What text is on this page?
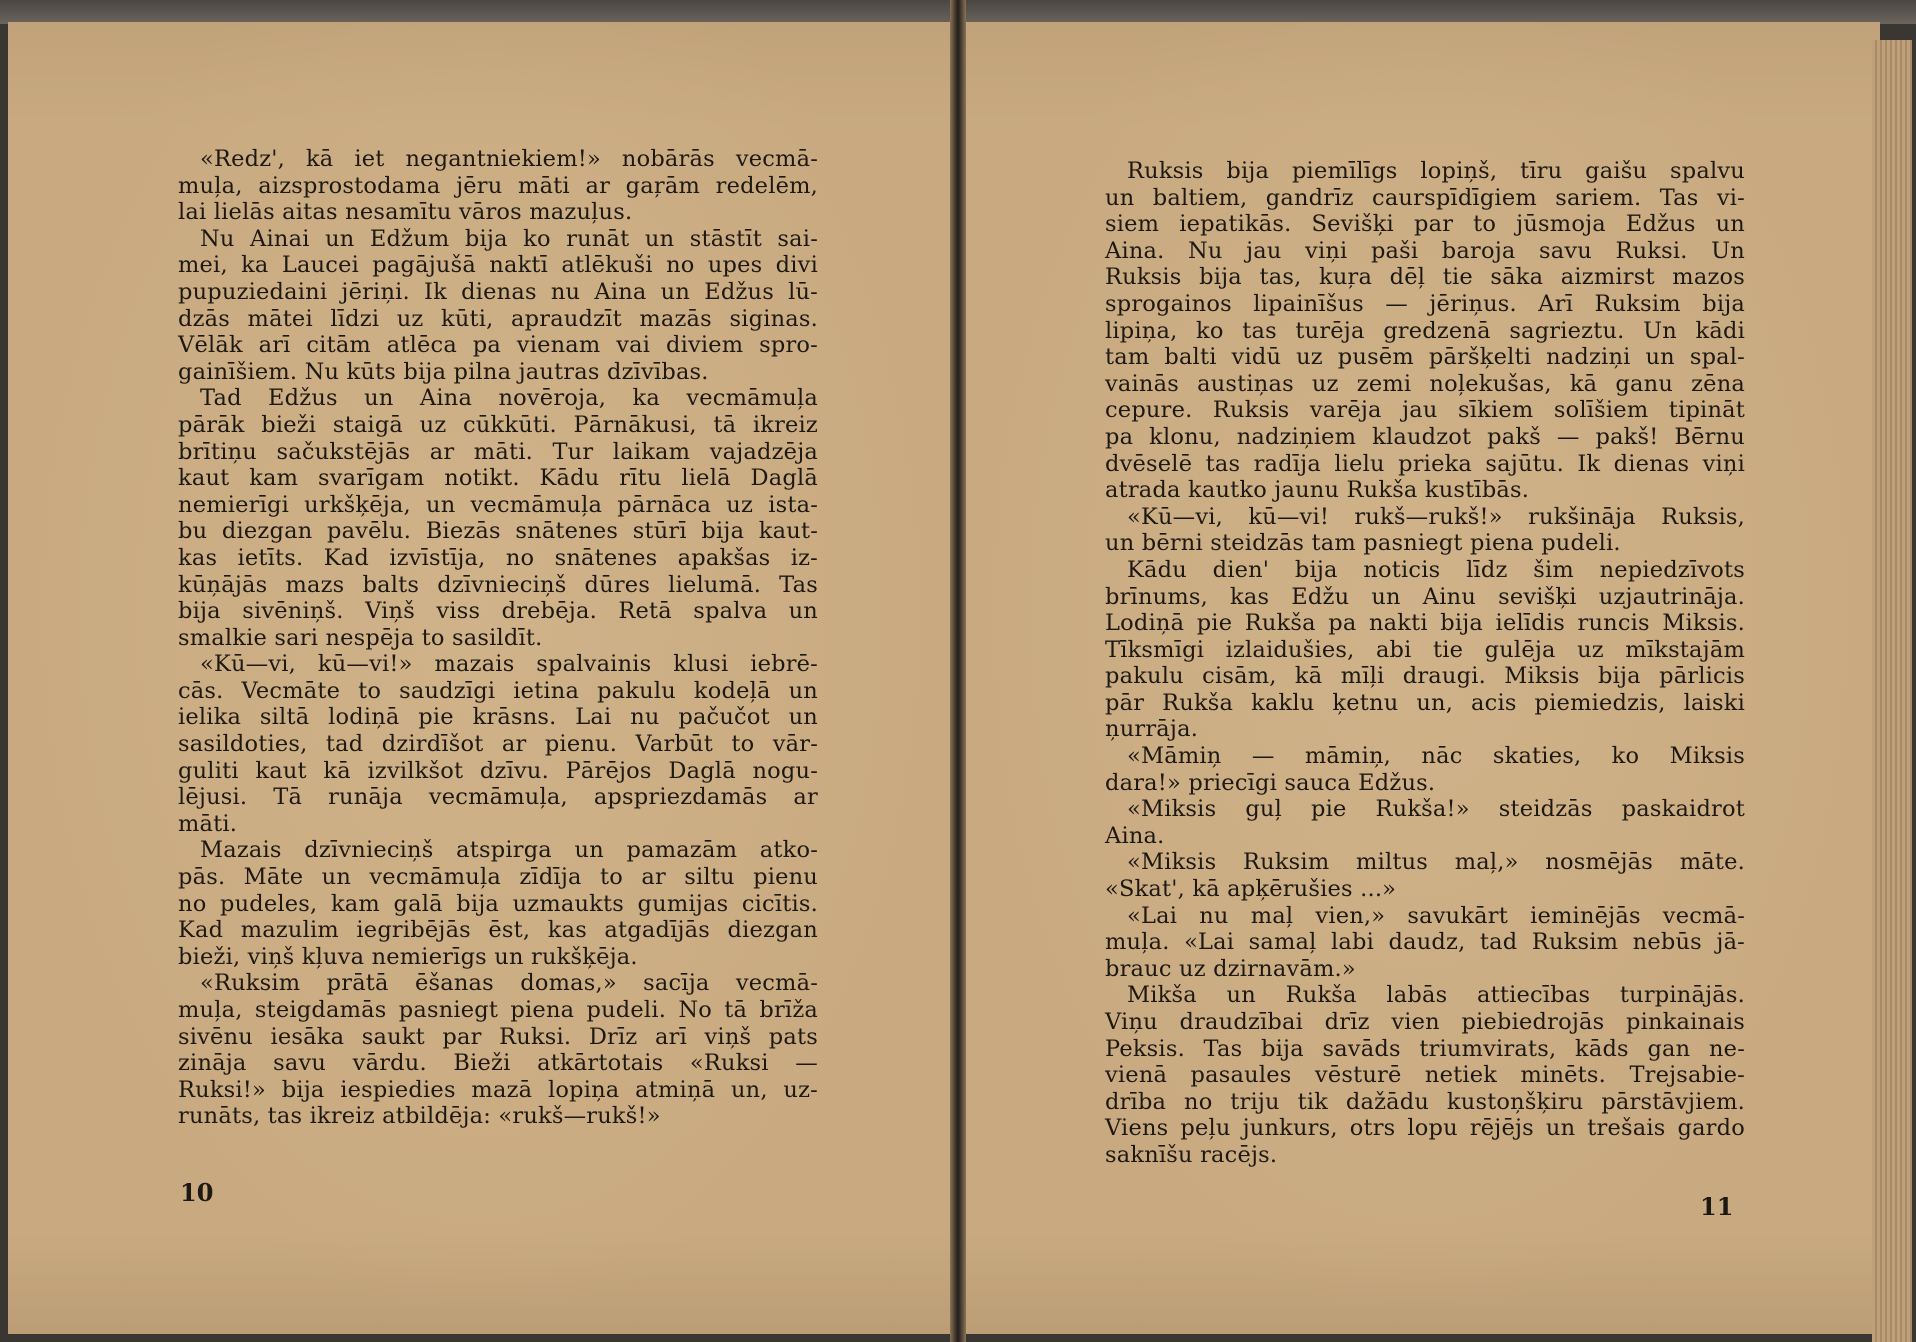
«Redz', kā iet negantniekiem!» nobārās vecmā-
muļa, aizsprostodama jēru māti ar gaŗām redelēm,
lai lielās aitas nesamītu vāros mazuļus.
Nu Ainai un Edžum bija ko runāt un stāstīt sai-
mei, ka Laucei pagājušā naktī atlēkuši no upes divi
pupuziedaini jēriņi. Ik dienas nu Aina un Edžus lū-
dzās mātei līdzi uz kūti, apraudzīt mazās siginas.
Vēlāk arī citām atlēca pa vienam vai diviem spro-
gainīšiem. Nu kūts bija pilna jautras dzīvības.
Tad Edžus un Aina novēroja, ka vecmāmuļa
pārāk bieži staigā uz cūkkūti. Pārnākusi, tā ikreiz
brītiņu sačukstējās ar māti. Tur laikam vajadzēja
kaut kam svarīgam notikt. Kādu rītu lielā Daglā
nemierīgi urkšķēja, un vecmāmuļa pārnāca uz ista-
bu diezgan pavēlu. Biezās snātenes stūrī bija kaut-
kas ietīts. Kad izvīstīja, no snātenes apakšas iz-
kūņājās mazs balts dzīvnieciņš dūres lielumā. Tas
bija sivēniņš. Viņš viss drebēja. Retā spalva un
smalkie sari nespēja to sasildīt.
«Kū—vi, kū—vi!» mazais spalvainis klusi iebrē-
cās. Vecmāte to saudzīgi ietina pakulu kodeļā un
ielika siltā lodiņā pie krāsns. Lai nu pačučot un
sasildoties, tad dzirdīšot ar pienu. Varbūt to vār-
guliti kaut kā izvilkšot dzīvu. Pārējos Daglā nogu-
lējusi. Tā runāja vecmāmuļa, apspriezdamās ar
māti.
Mazais dzīvnieciņš atspirga un pamazām atko-
pās. Māte un vecmāmuļa zīdīja to ar siltu pienu
no pudeles, kam galā bija uzmaukts gumijas cicītis.
Kad mazulim iegribējās ēst, kas atgadījās diezgan
bieži, viņš kļuva nemierīgs un rukšķēja.
«Ruksim prātā ēšanas domas,» sacīja vecmā-
muļa, steigdamās pasniegt piena pudeli. No tā brīža
sivēnu iesāka saukt par Ruksi. Drīz arī viņš pats
zināja savu vārdu. Bieži atkārtotais «Ruksi —
Ruksi!» bija iespiedies mazā lopiņa atmiņā un, uz-
runāts, tas ikreiz atbildēja: «rukš—rukš!»
10
Ruksis bija piemīlīgs lopiņš, tīru gaišu spalvu
un baltiem, gandrīz caurspīdīgiem sariem. Tas vi-
siem iepatikās. Sevišķi par to jūsmoja Edžus un
Aina. Nu jau viņi paši baroja savu Ruksi. Un
Ruksis bija tas, kuŗa dēļ tie sāka aizmirst mazos
sprogainos lipainīšus — jēriņus. Arī Ruksim bija
lipiņa, ko tas turēja gredzenā sagrieztu. Un kādi
tam balti vidū uz pusēm pāršķelti nadziņi un spal-
vainās austiņas uz zemi noļekušas, kā ganu zēna
cepure. Ruksis varēja jau sīkiem solīšiem tipināt
pa klonu, nadziņiem klaudzot pakš — pakš! Bērnu
dvēselē tas radīja lielu prieka sajūtu. Ik dienas viņi
atrada kautko jaunu Rukša kustībās.
«Kū—vi, kū—vi! rukš—rukš!» rukšināja Ruksis,
un bērni steidzās tam pasniegt piena pudeli.
Kādu dien' bija noticis līdz šim nepiedzīvots
brīnums, kas Edžu un Ainu sevišķi uzjautrināja.
Lodiņā pie Rukša pa nakti bija ielīdis runcis Miksis.
Tīksmīgi izlaidušies, abi tie gulēja uz mīkstajām
pakulu cisām, kā mīļi draugi. Miksis bija pārlicis
pār Rukša kaklu ķetnu un, acis piemiedzis, laiski
ņurrāja.
«Māmiņ — māmiņ, nāc skaties, ko Miksis
dara!» priecīgi sauca Edžus.
«Miksis guļ pie Rukša!» steidzās paskaidrot
Aina.
«Miksis Ruksim miltus maļ,» nosmējās māte.
«Skat', kā apķērušies ...»
«Lai nu maļ vien,» savukārt ieminējās vecmā-
muļa. «Lai samaļ labi daudz, tad Ruksim nebūs jā-
brauc uz dzirnavām.»
Mikša un Rukša labās attiecības turpinājās.
Viņu draudzībai drīz vien piebiedrojās pinkainais
Peksis. Tas bija savāds triumvirats, kāds gan ne-
vienā pasaules vēsturē netiek minēts. Trejsabie-
drība no triju tik dažādu kustoņšķiru pārstāvjiem.
Viens peļu junkurs, otrs lopu rējējs un trešais gardo
saknīšu racējs.
11
